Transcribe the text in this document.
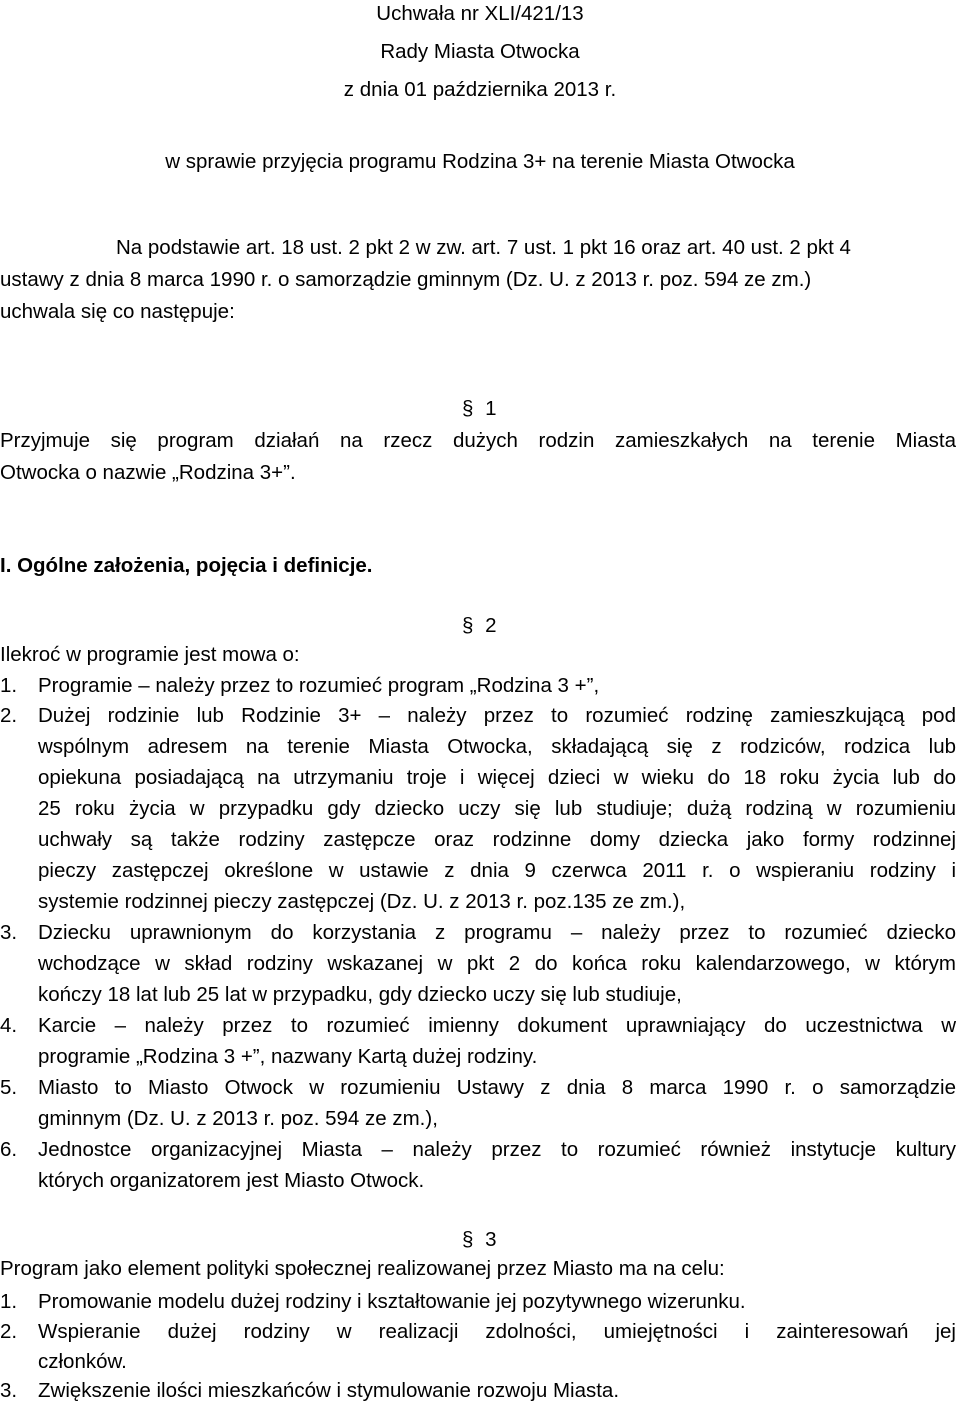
Uchwała nr XLI/421/13
Rady Miasta Otwocka
z dnia 01 października 2013 r.
w sprawie przyjęcia programu Rodzina 3+ na terenie Miasta Otwocka
Na podstawie art. 18 ust. 2 pkt 2 w zw. art. 7 ust. 1 pkt 16 oraz art. 40 ust. 2 pkt 4
ustawy z dnia 8 marca 1990 r. o samorządzie gminnym (Dz. U. z 2013 r. poz. 594 ze zm.)
uchwala się co następuje:
§ 1
Przyjmuje się program działań na rzecz dużych rodzin zamieszkałych na terenie Miasta
Otwocka o nazwie „Rodzina 3+”.
I. Ogólne założenia, pojęcia i definicje.
§ 2
Ilekroć w programie jest mowa o:
1. Programie – należy przez to rozumieć program „Rodzina 3 +”,
2. Dużej rodzinie lub Rodzinie 3+ – należy przez to rozumieć rodzinę zamieszkującą pod
wspólnym adresem na terenie Miasta Otwocka, składającą się z rodziców, rodzica lub
opiekuna posiadającą na utrzymaniu troje i więcej dzieci w wieku do 18 roku życia lub do
25 roku życia w przypadku gdy dziecko uczy się lub studiuje; dużą rodziną w rozumieniu
uchwały są także rodziny zastępcze oraz rodzinne domy dziecka jako formy rodzinnej
pieczy zastępczej określone w ustawie z dnia 9 czerwca 2011 r. o wspieraniu rodziny i
systemie rodzinnej pieczy zastępczej (Dz. U. z 2013 r. poz.135 ze zm.),
3. Dziecku uprawnionym do korzystania z programu – należy przez to rozumieć dziecko
wchodzące w skład rodziny wskazanej w pkt 2 do końca roku kalendarzowego, w którym
kończy 18 lat lub 25 lat w przypadku, gdy dziecko uczy się lub studiuje,
4. Karcie – należy przez to rozumieć imienny dokument uprawniający do uczestnictwa w
programie „Rodzina 3 +”, nazwany Kartą dużej rodziny.
5. Miasto to Miasto Otwock w rozumieniu Ustawy z dnia 8 marca 1990 r. o samorządzie
gminnym (Dz. U. z 2013 r. poz. 594 ze zm.),
6. Jednostce organizacyjnej Miasta – należy przez to rozumieć również instytucje kultury
których organizatorem jest Miasto Otwock.
§ 3
Program jako element polityki społecznej realizowanej przez Miasto ma na celu:
1. Promowanie modelu dużej rodziny i kształtowanie jej pozytywnego wizerunku.
2. Wspieranie dużej rodziny w realizacji zdolności, umiejętności i zainteresowań jej
członków.
3. Zwiększenie ilości mieszkańców i stymulowanie rozwoju Miasta.
